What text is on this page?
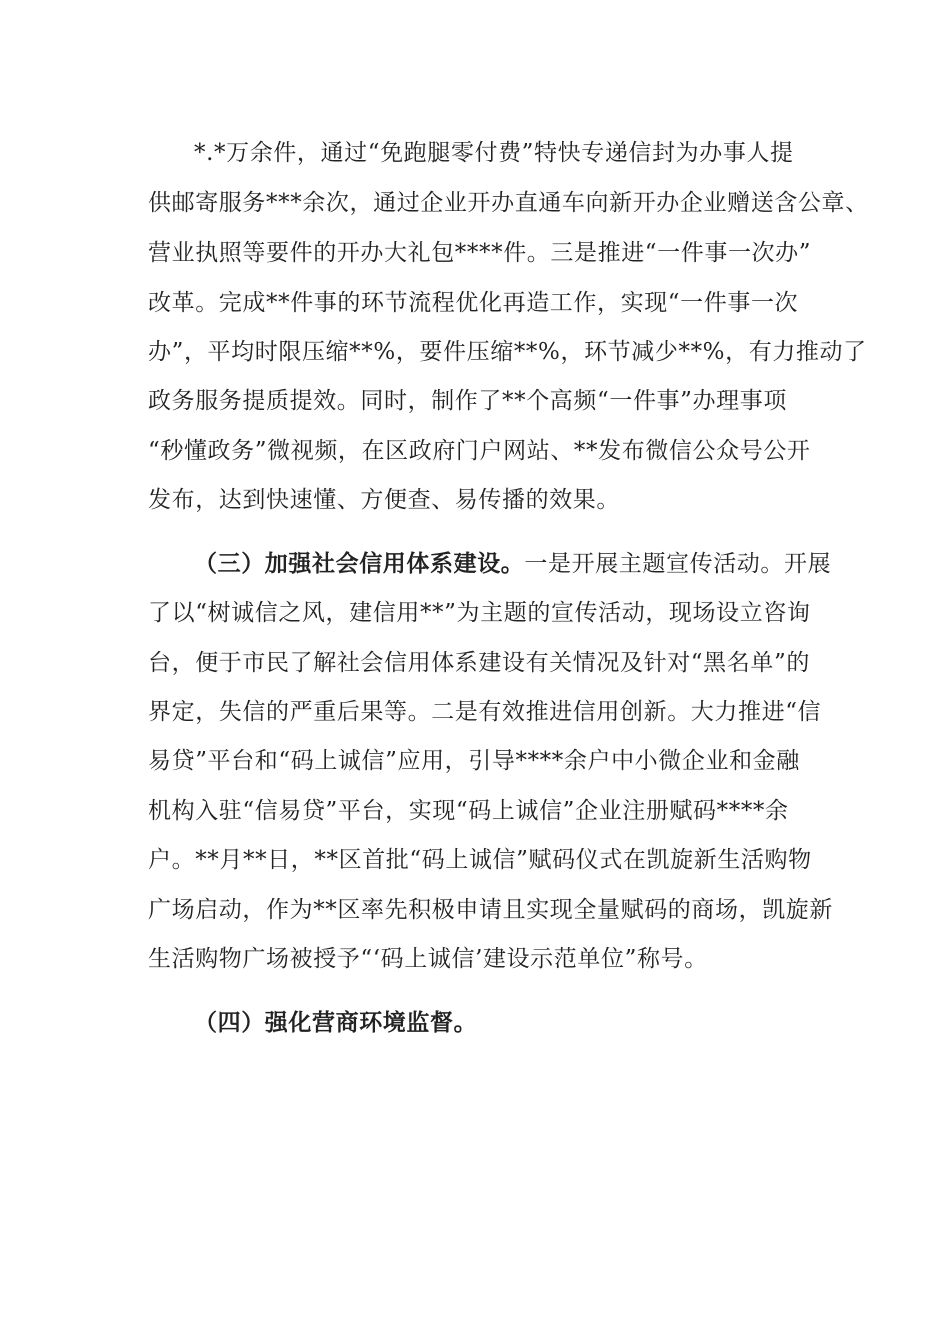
*.*万余件，通过“免跑腿零付费”特快专递信封为办事人提
供邮寄服务***余次，通过企业开办直通车向新开办企业赠送含公章、
营业执照等要件的开办大礼包****件。三是推进“一件事一次办”
改革。完成**件事的环节流程优化再造工作，实现“一件事一次
办”，平均时限压缩**%，要件压缩**%，环节减少**%，有力推动了
政务服务提质提效。同时，制作了**个高频“一件事”办理事项
“秒懂政务”微视频，在区政府门户网站、**发布微信公众号公开
发布，达到快速懂、方便查、易传播的效果。
（三）加强社会信用体系建设。一是开展主题宣传活动。开展
了以“树诚信之风，建信用**”为主题的宣传活动，现场设立咨询
台，便于市民了解社会信用体系建设有关情况及针对“黑名单”的
界定，失信的严重后果等。二是有效推进信用创新。大力推进“信
易贷”平台和“码上诚信”应用，引导****余户中小微企业和金融
机构入驻“信易贷”平台，实现“码上诚信”企业注册赋码****余
户。**月**日，**区首批“码上诚信”赋码仪式在凯旋新生活购物
广场启动，作为**区率先积极申请且实现全量赋码的商场，凯旋新
生活购物广场被授予“‘码上诚信’建设示范单位”称号。
（四）强化营商环境监督。
